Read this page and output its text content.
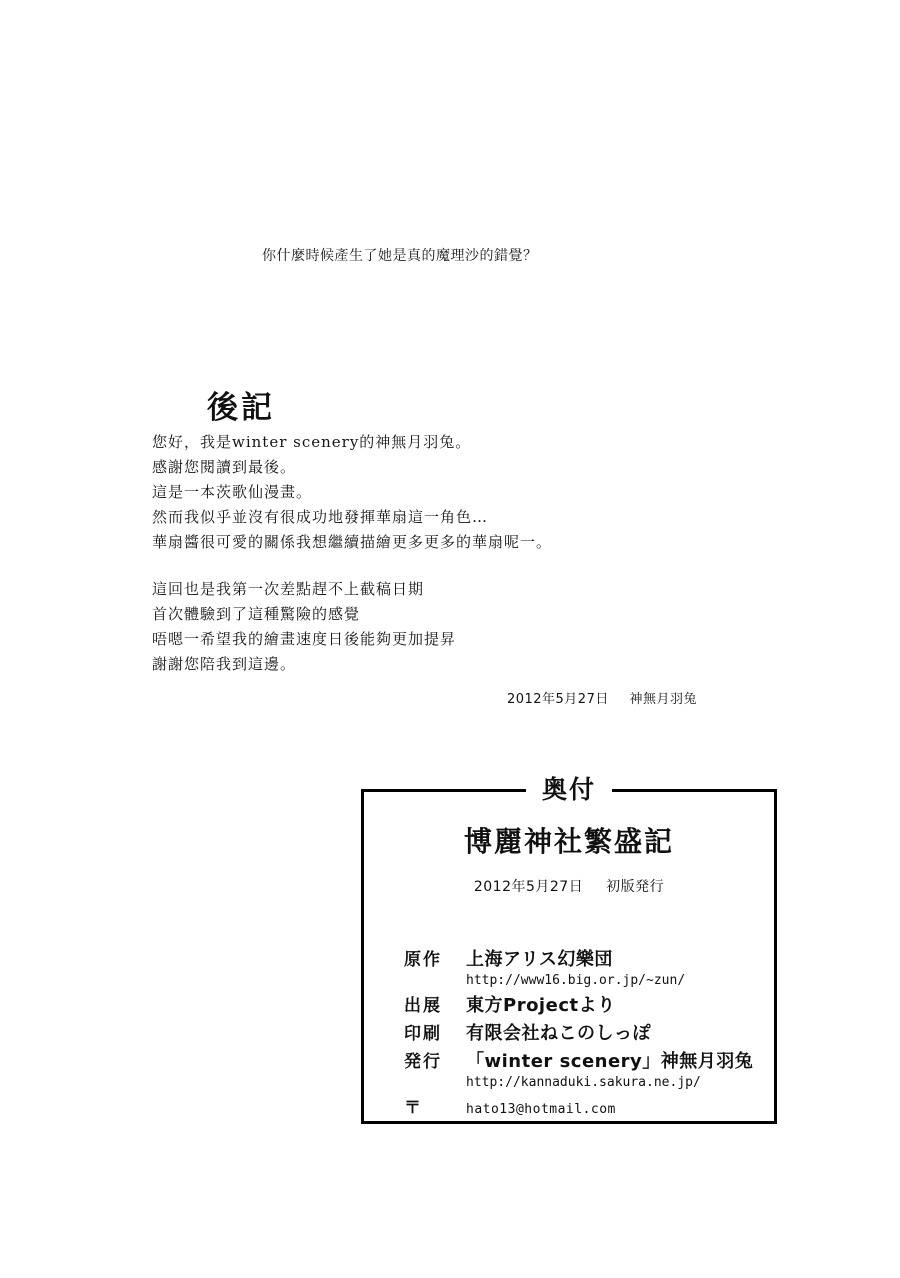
你什麼時候產生了她是真的魔理沙的錯覺？
後記
您好，我是winter scenery的神無月羽兔。
感謝您閱讀到最後。
這是一本茨歌仙漫畫。
然而我似乎並沒有很成功地發揮華扇這一角色…
華扇醬很可愛的關係我想繼續描繪更多更多的華扇呢一。
這回也是我第一次差點趕不上截稿日期
首次體驗到了這種驚險的感覺
唔嗯一希望我的繪畫速度日後能夠更加提昇
謝謝您陪我到這邊。
2012年5月27日 神無月羽兔
奥付
博麗神社繁盛記
2012年5月27日 初版発行
原作	上海アリス幻樂団
http://www16.big.or.jp/~zun/
出展	東方Projectより
印刷	有限会社ねこのしっぽ
発行	「winter scenery」神無月羽兔
http://kannaduki.sakura.ne.jp/
〒	hato13@hotmail.com
